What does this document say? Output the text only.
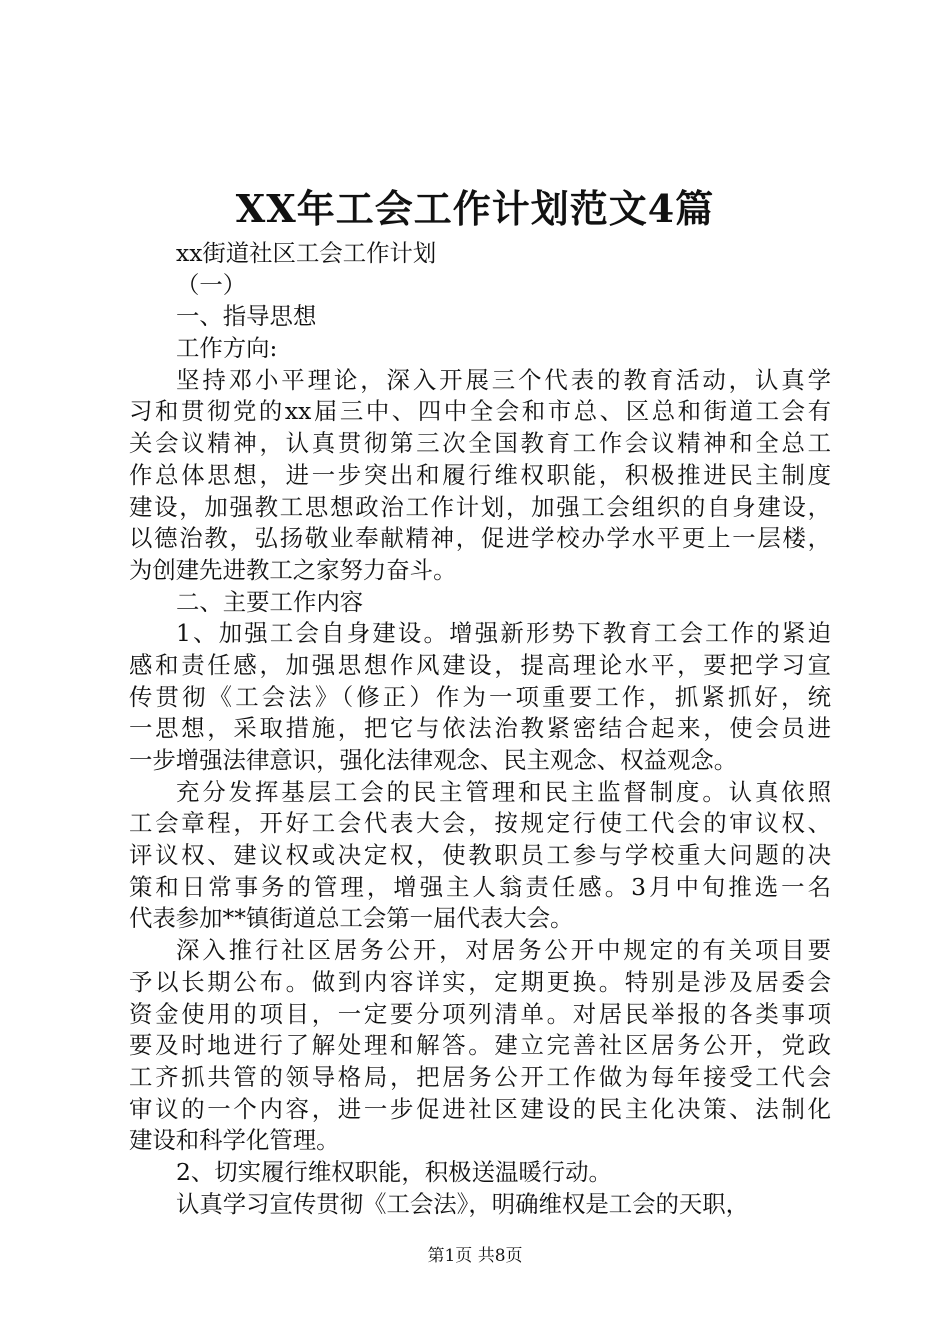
XX年工会工作计划范文4篇
xx街道社区工会工作计划
（一）
一、指导思想
工作方向:
坚持邓小平理论，深入开展三个代表的教育活动，认真学
习和贯彻党的xx届三中、四中全会和市总、区总和街道工会有
关会议精神，认真贯彻第三次全国教育工作会议精神和全总工
作总体思想，进一步突出和履行维权职能，积极推进民主制度
建设，加强教工思想政治工作计划，加强工会组织的自身建设，
以德治教，弘扬敬业奉献精神，促进学校办学水平更上一层楼，
为创建先进教工之家努力奋斗。
二、主要工作内容
1、加强工会自身建设。增强新形势下教育工会工作的紧迫
感和责任感，加强思想作风建设，提高理论水平，要把学习宣
传贯彻《工会法》（修正）作为一项重要工作，抓紧抓好，统
一思想，采取措施，把它与依法治教紧密结合起来，使会员进
一步增强法律意识，强化法律观念、民主观念、权益观念。
充分发挥基层工会的民主管理和民主监督制度。认真依照
工会章程，开好工会代表大会，按规定行使工代会的审议权、
评议权、建议权或决定权，使教职员工参与学校重大问题的决
策和日常事务的管理，增强主人翁责任感。3月中旬推选一名
代表参加**镇街道总工会第一届代表大会。
深入推行社区居务公开，对居务公开中规定的有关项目要
予以长期公布。做到内容详实，定期更换。特别是涉及居委会
资金使用的项目，一定要分项列清单。对居民举报的各类事项
要及时地进行了解处理和解答。建立完善社区居务公开，党政
工齐抓共管的领导格局，把居务公开工作做为每年接受工代会
审议的一个内容，进一步促进社区建设的民主化决策、法制化
建设和科学化管理。
2、切实履行维权职能，积极送温暖行动。
认真学习宣传贯彻《工会法》，明确维权是工会的天职，
第1页 共8页
